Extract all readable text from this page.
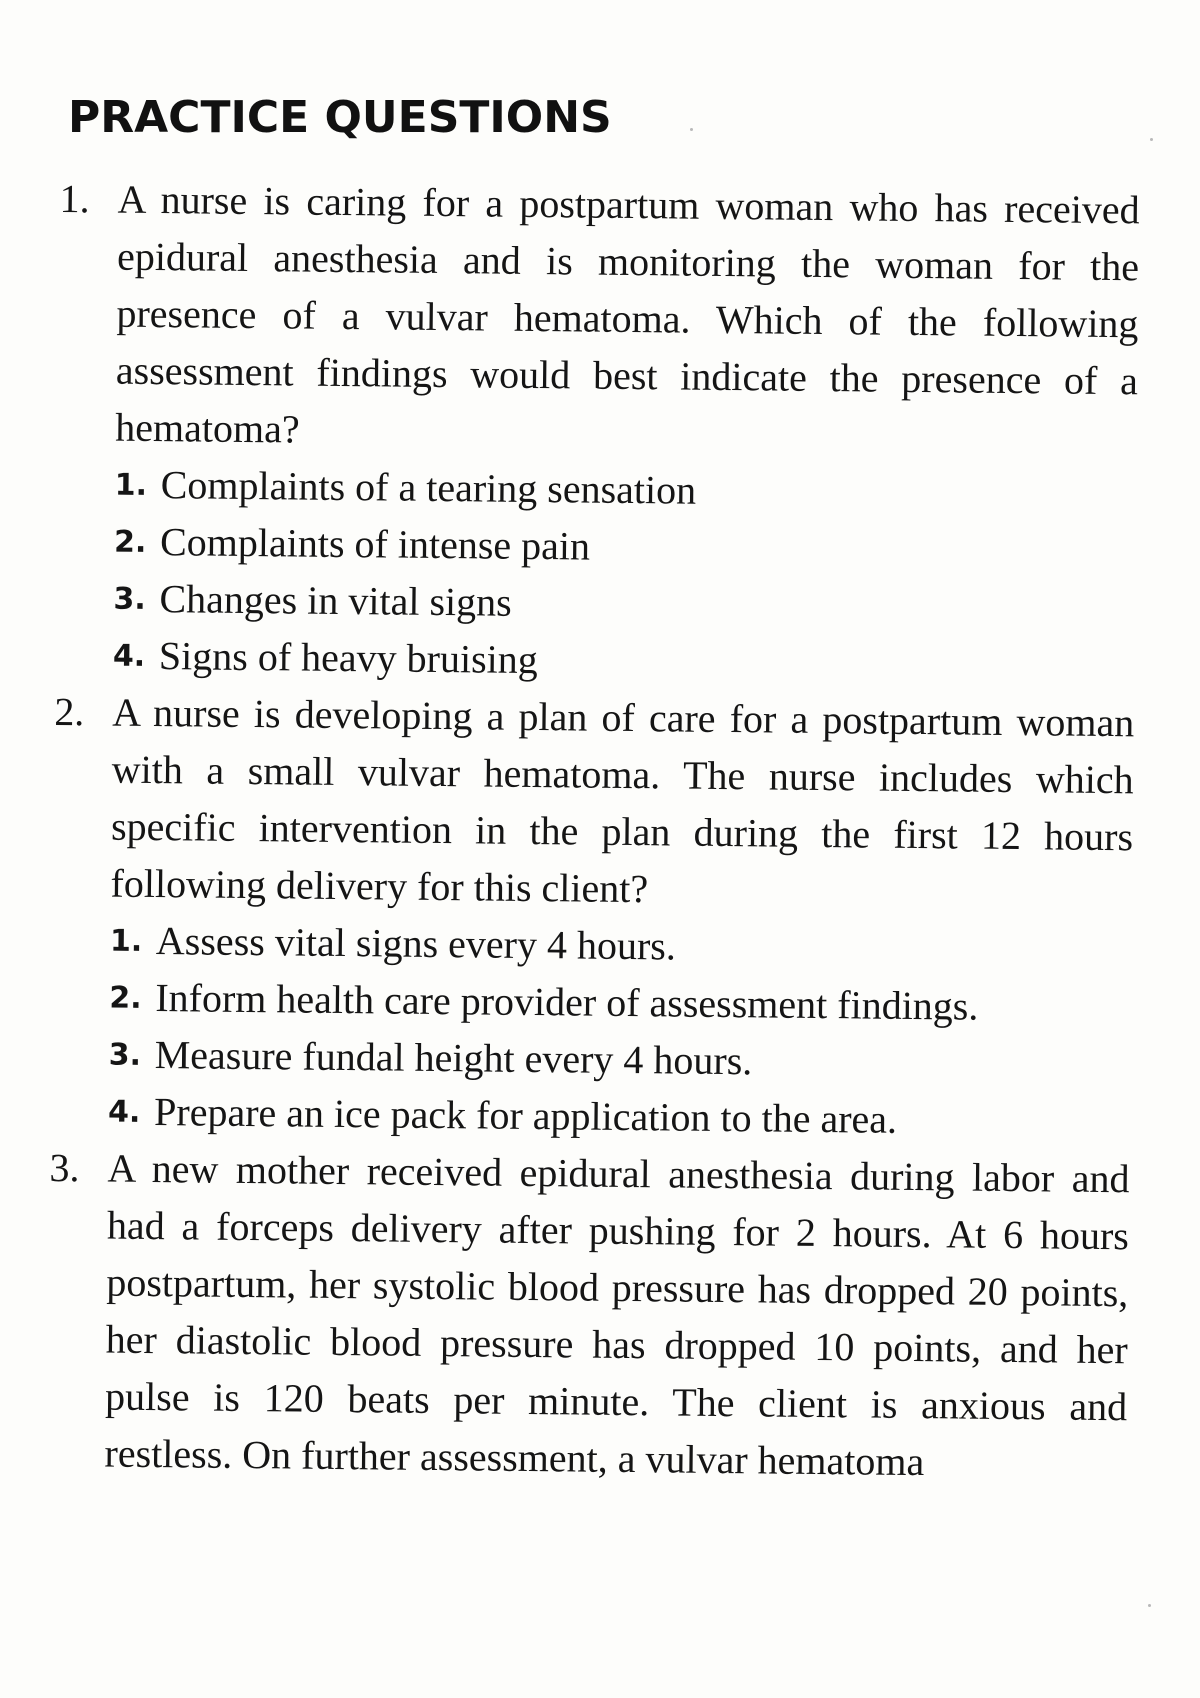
PRACTICE QUESTIONS

1. A nurse is caring for a postpartum woman who has received epidural anesthesia and is monitoring the woman for the presence of a vulvar hematoma. Which of the following assessment findings would best indicate the presence of a hematoma?

1. Complaints of a tearing sensation
2. Complaints of intense pain
3. Changes in vital signs
4. Signs of heavy bruising

2. A nurse is developing a plan of care for a postpartum woman with a small vulvar hematoma. The nurse includes which specific intervention in the plan during the first 12 hours following delivery for this client?

1. Assess vital signs every 4 hours.
2. Inform health care provider of assessment findings.
3. Measure fundal height every 4 hours.
4. Prepare an ice pack for application to the area.

3. A new mother received epidural anesthesia during labor and had a forceps delivery after pushing for 2 hours. At 6 hours postpartum, her systolic blood pressure has dropped 20 points, her diastolic blood pressure has dropped 10 points, and her pulse is 120 beats per minute. The client is anxious and restless. On further assessment, a vulvar hematoma
